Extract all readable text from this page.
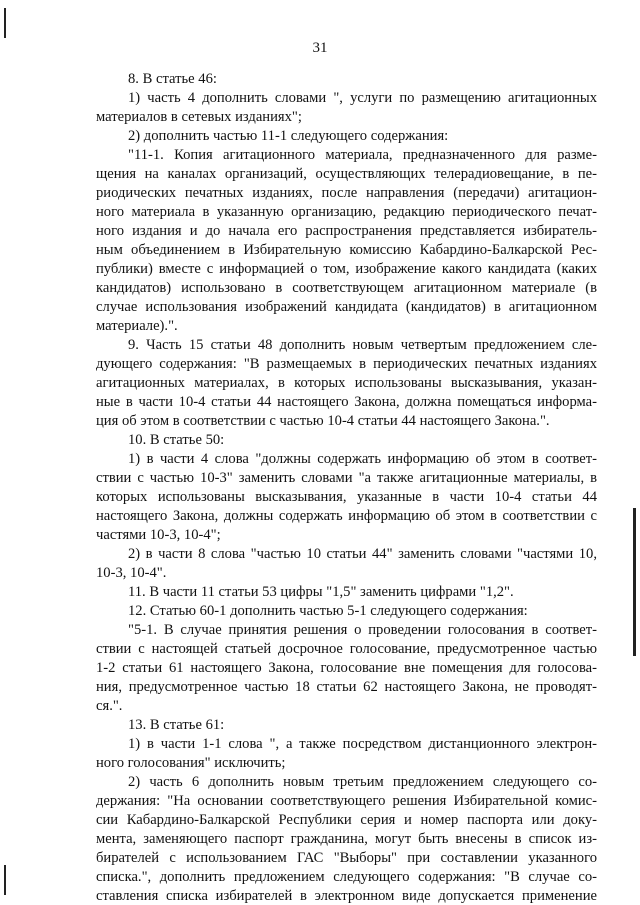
31
8. В статье 46:
1) часть 4 дополнить словами ", услуги по размещению агитационных
материалов в сетевых изданиях";
2) дополнить частью 11-1 следующего содержания:
"11-1. Копия агитационного материала, предназначенного для разме-
щения на каналах организаций, осуществляющих телерадиовещание, в пе-
риодических печатных изданиях, после направления (передачи) агитацион-
ного материала в указанную организацию, редакцию периодического печат-
ного издания и до начала его распространения представляется избиратель-
ным объединением в Избирательную комиссию Кабардино-Балкарской Рес-
публики) вместе с информацией о том, изображение какого кандидата (каких
кандидатов) использовано в соответствующем агитационном материале (в
случае использования изображений кандидата (кандидатов) в агитационном
материале).".
9. Часть 15 статьи 48 дополнить новым четвертым предложением сле-
дующего содержания: "В размещаемых в периодических печатных изданиях
агитационных материалах, в которых использованы высказывания, указан-
ные в части 10-4 статьи 44 настоящего Закона, должна помещаться информа-
ция об этом в соответствии с частью 10-4 статьи 44 настоящего Закона.".
10. В статье 50:
1) в части 4 слова "должны содержать информацию об этом в соответ-
ствии с частью 10-3" заменить словами "а также агитационные материалы, в
которых использованы высказывания, указанные в части 10-4 статьи 44
настоящего Закона, должны содержать информацию об этом в соответствии с
частями 10-3, 10-4";
2) в части 8 слова "частью 10 статьи 44" заменить словами "частями 10,
10-3, 10-4".
11. В части 11 статьи 53 цифры "1,5" заменить цифрами "1,2".
12. Статью 60-1 дополнить частью 5-1 следующего содержания:
"5-1. В случае принятия решения о проведении голосования в соответ-
ствии с настоящей статьей досрочное голосование, предусмотренное частью
1-2 статьи 61 настоящего Закона, голосование вне помещения для голосова-
ния, предусмотренное частью 18 статьи 62 настоящего Закона, не проводят-
ся.".
13. В статье 61:
1) в части 1-1 слова ", а также посредством дистанционного электрон-
ного голосования" исключить;
2) часть 6 дополнить новым третьим предложением следующего со-
держания: "На основании соответствующего решения Избирательной комис-
сии Кабардино-Балкарской Республики серия и номер паспорта или доку-
мента, заменяющего паспорт гражданина, могут быть внесены в список из-
бирателей с использованием ГАС "Выборы" при составлении указанного
списка.", дополнить предложением следующего содержания: "В случае со-
ставления списка избирателей в электронном виде допускается применение
